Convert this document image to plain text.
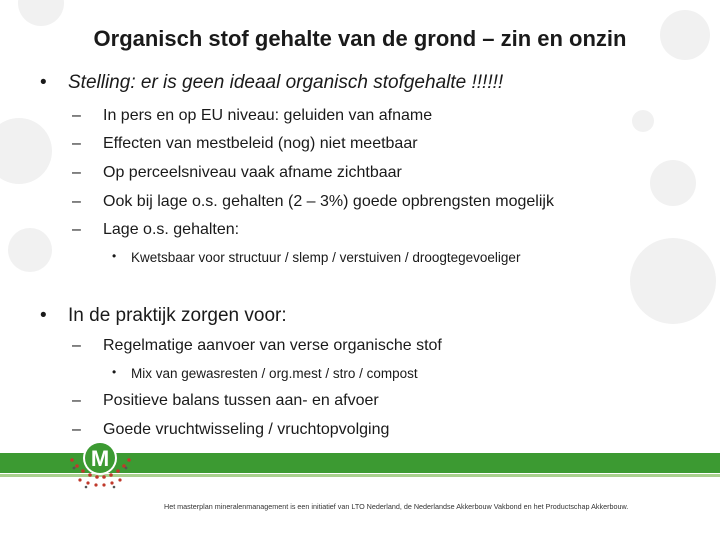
Organisch stof gehalte van de grond – zin en onzin
• Stelling: er is geen ideaal organisch stofgehalte !!!!!!
– In pers en op EU niveau: geluiden van afname
– Effecten van mestbeleid (nog) niet meetbaar
– Op perceelsniveau vaak afname zichtbaar
– Ook bij lage o.s. gehalten (2 – 3%) goede opbrengsten mogelijk
– Lage o.s. gehalten:
• Kwetsbaar voor structuur / slemp / verstuiven / droogtegevoeliger
• In de praktijk zorgen voor:
– Regelmatige aanvoer van verse organische stof
• Mix van gewasresten / org.mest / stro / compost
– Positieve balans tussen aan- en afvoer
– Goede vruchtwisseling / vruchtopvolging
M
Het masterplan mineralenmanagement is een initiatief van LTO Nederland, de Nederlandse Akkerbouw Vakbond en het Productschap Akkerbouw.
